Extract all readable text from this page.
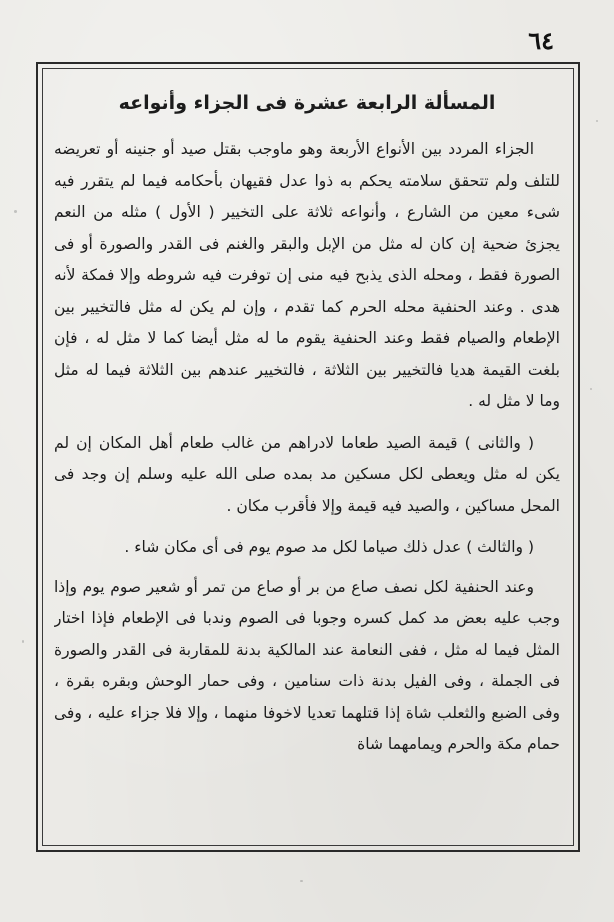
٦٤
المسألة الرابعة عشرة فى الجزاء وأنواعه

الجزاء المردد بين الأنواع الأربعة وهو ماوجب بقتل صيد أو جنينه أو تعريضه للتلف ولم تتحقق سلامته يحكم به ذوا عدل فقيهان بأحكامه فيما لم يتقرر فيه شىء معين من الشارع ، وأنواعه ثلاثة على التخيير ( الأول ) مثله من النعم يجزئ ضحية إن كان له مثل من الإبل والبقر والغنم فى القدر والصورة أو فى الصورة فقط ، ومحله الذى يذبح فيه منى إن توفرت فيه شروطه وإلا فمكة لأنه هدى . وعند الحنفية محله الحرم كما تقدم ، وإن لم يكن له مثل فالتخيير بين الإطعام والصيام فقط وعند الحنفية يقوم ما له مثل أيضا كما لا مثل له ، فإن بلغت القيمة هديا فالتخيير بين الثلاثة ، فالتخيير عندهم بين الثلاثة فيما له مثل وما لا مثل له .

( والثانى ) قيمة الصيد طعاما لادراهم من غالب طعام أهل المكان إن لم يكن له مثل ويعطى لكل مسكين مد بمده صلى الله عليه وسلم إن وجد فى المحل مساكين ، والصيد فيه قيمة وإلا فأقرب مكان .

( والثالث ) عدل ذلك صياما لكل مد صوم يوم فى أى مكان شاء .

وعند الحنفية لكل نصف صاع من بر أو صاع من تمر أو شعير صوم يوم وإذا وجب عليه بعض مد كمل كسره وجوبا فى الصوم وندبا فى الإطعام فإذا اختار المثل فيما له مثل ، ففى النعامة عند المالكية بدنة للمقاربة فى القدر والصورة فى الجملة ، وفى الفيل بدنة ذات سنامين ، وفى حمار الوحش وبقره بقرة ، وفى الضبع والثعلب شاة إذا قتلهما تعديا لاخوفا منهما ، وإلا فلا جزاء عليه ، وفى حمام مكة والحرم ويمامهما شاة
